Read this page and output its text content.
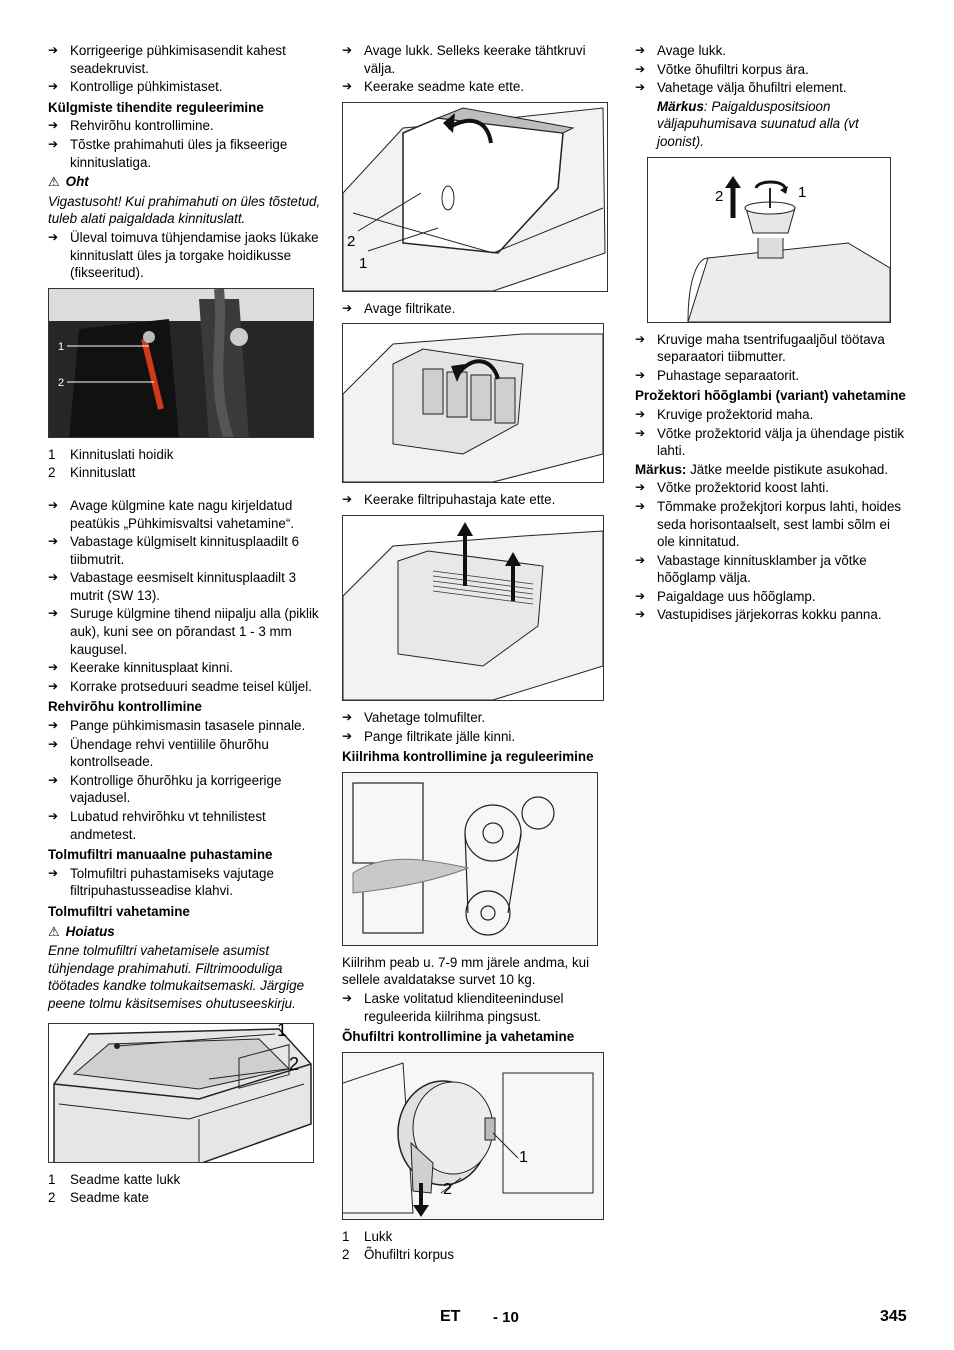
➔ Korrigeerige pühkimisasendit kahest seadekruvist.
➔ Kontrollige pühkimistaset.
Külgmiste tihendite reguleerimine
➔ Rehvirõhu kontrollimine.
➔ Tõstke prahimahuti üles ja fikseerige kinnituslatiga.
⚠ Oht
Vigastusoht! Kui prahimahuti on üles tõstetud, tuleb alati paigaldada kinnituslatt.
➔ Üleval toimuva tühjendamise jaoks lükake kinnituslatt üles ja torgake hoidikusse (fikseeritud).
1
2
1	Kinnituslati hoidik
2	Kinnituslatt
➔ Avage külgmine kate nagu kirjeldatud peatükis „Pühkimisvaltsi vahetamine“.
➔ Vabastage külgmiselt kinnitusplaadilt 6 tiibmutrit.
➔ Vabastage eesmiselt kinnitusplaadilt 3 mutrit (SW 13).
➔ Suruge külgmine tihend niipalju alla (piklik auk), kuni see on põrandast 1 - 3 mm kaugusel.
➔ Keerake kinnitusplaat kinni.
➔ Korrake protseduuri seadme teisel küljel.
Rehvirõhu kontrollimine
➔ Pange pühkimismasin tasasele pinnale.
➔ Ühendage rehvi ventiilile õhurõhu kontrollseade.
➔ Kontrollige õhurõhku ja korrigeerige vajadusel.
➔ Lubatud rehvirõhku vt tehnilistest andmetest.
Tolmufiltri manuaalne puhastamine
➔ Tolmufiltri puhastamiseks vajutage filtripuhastusseadise klahvi.
Tolmufiltri vahetamine
⚠ Hoiatus
Enne tolmufiltri vahetamisele asumist tühjendage prahimahuti. Filtrimooduliga töötades kandke tolmukaitsemaski. Järgige peene tolmu käsitsemises ohutuseeskirju.
1
2
1	Seadme katte lukk
2	Seadme kate
➔ Avage lukk. Selleks keerake tähtkruvi välja.
➔ Keerake seadme kate ette.
2
1
➔ Avage filtrikate.
➔ Keerake filtripuhastaja kate ette.
➔ Vahetage tolmufilter.
➔ Pange filtrikate jälle kinni.
Kiilrihma kontrollimine ja reguleerimine
Kiilrihm peab u. 7-9 mm järele andma, kui sellele avaldatakse survet 10 kg.
➔ Laske volitatud klienditeenindusel reguleerida kiilrihma pingsust.
Õhufiltri kontrollimine ja vahetamine
1
2
1	Lukk
2	Õhufiltri korpus
➔ Avage lukk.
➔ Võtke õhufiltri korpus ära.
➔ Vahetage välja õhufiltri element.
Märkus: Paigalduspositsioon väljapuhumisava suunatud alla (vt joonist).
2	1
➔ Kruvige maha tsentrifugaaljõul töötava separaatori tiibmutter.
➔ Puhastage separaatorit.
Prožektori hõõglambi (variant) vahetamine
➔ Kruvige prožektorid maha.
➔ Võtke prožektorid välja ja ühendage pistik lahti.
Märkus: Jätke meelde pistikute asukohad.
➔ Võtke prožektorid koost lahti.
➔ Tõmmake prožekjtori korpus lahti, hoides seda horisontaalselt, sest lambi sõlm ei ole kinnitatud.
➔ Vabastage kinnitusklamber ja võtke hõõglamp välja.
➔ Paigaldage uus hõõglamp.
➔ Vastupidises järjekorras kokku panna.
ET - 10	345
